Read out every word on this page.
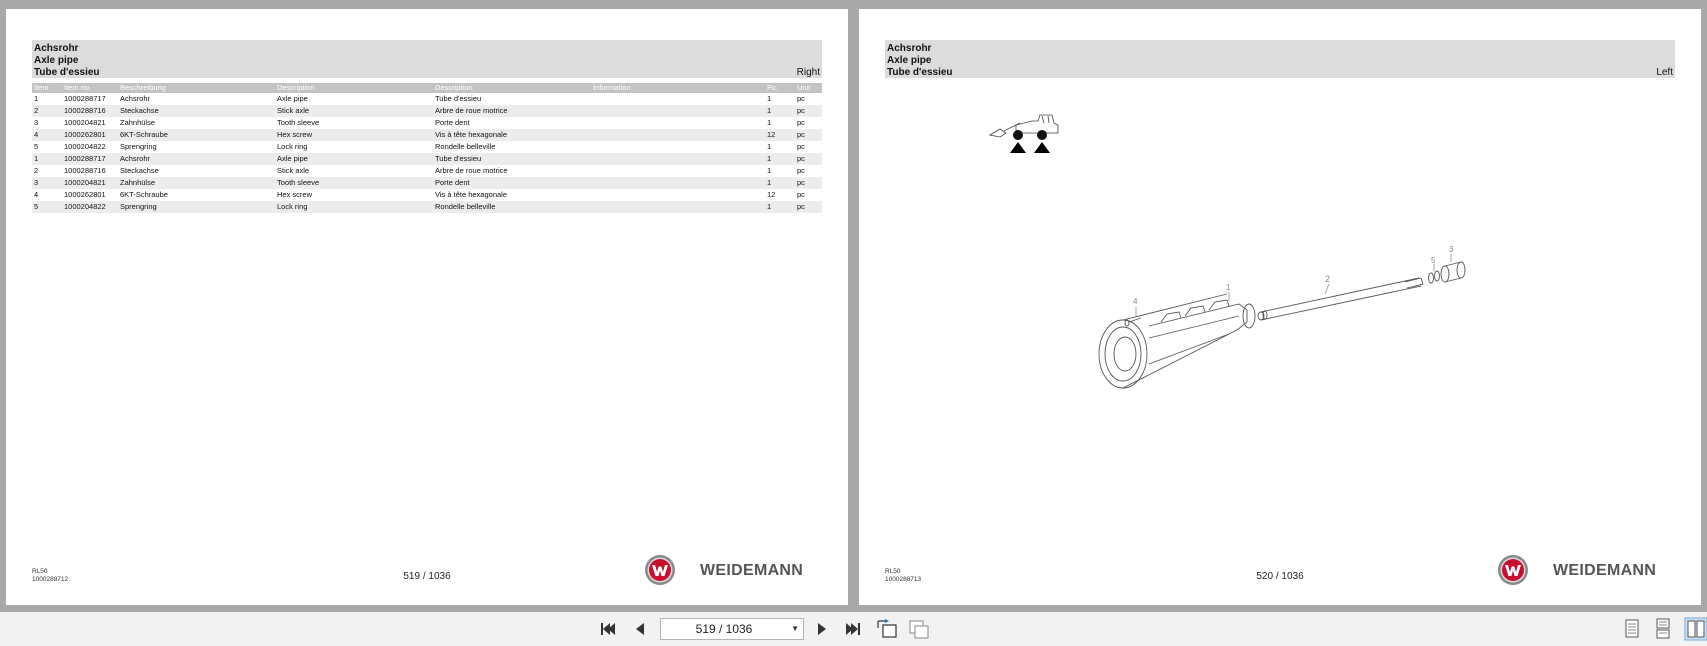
Achsrohr
Axle pipe
Tube d'essieu	Right
Item	Item no.	Beschreibung	Description	Description	Information	Pc.	Unit
1	1000288717	Achsrohr	Axle pipe	Tube d'essieu		1	pc
2	1000288716	Steckachse	Stick axle	Arbre de roue motrice		1	pc
3	1000204821	Zahnhülse	Tooth sleeve	Porte dent		1	pc
4	1000262801	6KT-Schraube	Hex screw	Vis à tête hexagonale		12	pc
5	1000204822	Sprengring	Lock ring	Rondelle belleville		1	pc
1	1000288717	Achsrohr	Axle pipe	Tube d'essieu		1	pc
2	1000288716	Steckachse	Stick axle	Arbre de roue motrice		1	pc
3	1000204821	Zahnhülse	Tooth sleeve	Porte dent		1	pc
4	1000262801	6KT-Schraube	Hex screw	Vis à tête hexagonale		12	pc
5	1000204822	Sprengring	Lock ring	Rondelle belleville		1	pc
RL50
1000288712	519 / 1036	WEIDEMANN
Achsrohr
Axle pipe
Tube d'essieu	Left
1
2
3
4
5
RL50
1000288713	520 / 1036	WEIDEMANN
519 / 1036	▼
